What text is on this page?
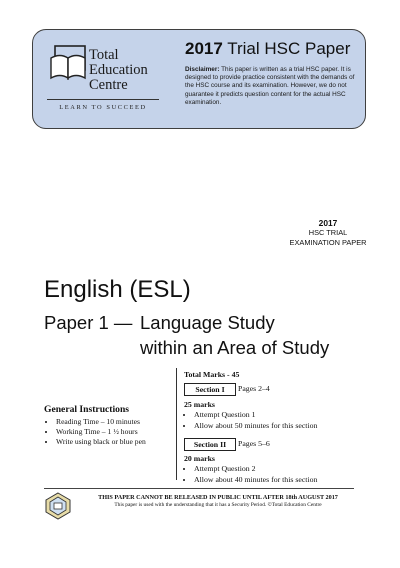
Total
Education
Centre
LEARN TO SUCCEED
2017 Trial HSC Paper
Disclaimer: This paper is written as a trial HSC paper. It is designed to provide practice consistent with the demands of the HSC course and its examination. However, we do not guarantee it predicts question content for the actual HSC examination.
2017
HSC TRIAL
EXAMINATION PAPER
English (ESL)
Paper 1 — Language Study
within an Area of Study
General Instructions
• Reading Time – 10 minutes
• Working Time – 1 ½ hours
• Write using black or blue pen
Total Marks - 45
Section I	Pages 2–4
25 marks
• Attempt Question 1
• Allow about 50 minutes for this section
Section II	Pages 5–6
20 marks
• Attempt Question 2
• Allow about 40 minutes for this section
THIS PAPER CANNOT BE RELEASED IN PUBLIC UNTIL AFTER 18th AUGUST 2017
This paper is used with the understanding that it has a Security Period. ©Total Education Centre
